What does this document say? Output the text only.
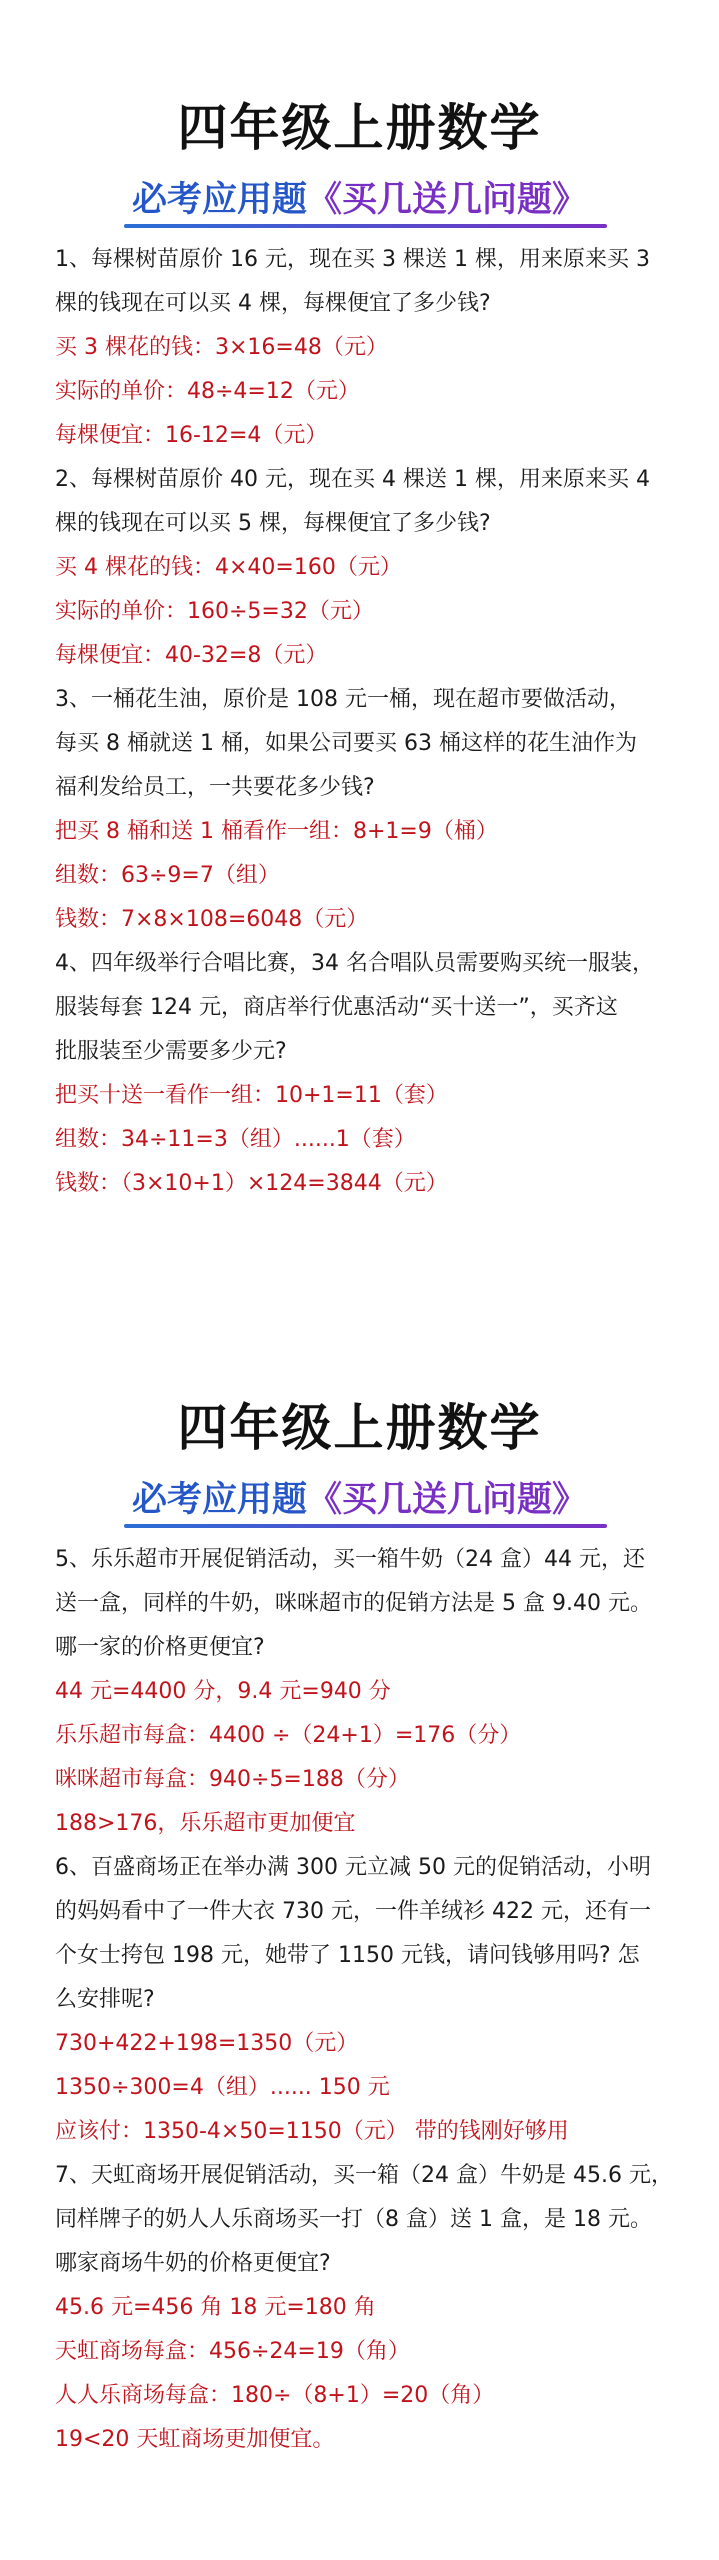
四年级上册数学
必考应用题《买几送几问题》
1、每棵树苗原价 16 元，现在买 3 棵送 1 棵，用来原来买 3
棵的钱现在可以买 4 棵，每棵便宜了多少钱?
买 3 棵花的钱：3×16=48（元）
实际的单价：48÷4=12（元）
每棵便宜：16-12=4（元）
2、每棵树苗原价 40 元，现在买 4 棵送 1 棵，用来原来买 4
棵的钱现在可以买 5 棵，每棵便宜了多少钱?
买 4 棵花的钱：4×40=160（元）
实际的单价：160÷5=32（元）
每棵便宜：40-32=8（元）
3、一桶花生油，原价是 108 元一桶，现在超市要做活动，
每买 8 桶就送 1 桶，如果公司要买 63 桶这样的花生油作为
福利发给员工，一共要花多少钱?
把买 8 桶和送 1 桶看作一组：8+1=9（桶）
组数：63÷9=7（组）
钱数：7×8×108=6048（元）
4、四年级举行合唱比赛，34 名合唱队员需要购买统一服装，
服装每套 124 元，商店举行优惠活动“买十送一”，买齐这
批服装至少需要多少元?
把买十送一看作一组：10+1=11（套）
组数：34÷11=3（组）......1（套）
钱数：（3×10+1）×124=3844（元）
四年级上册数学
必考应用题《买几送几问题》
5、乐乐超市开展促销活动，买一箱牛奶（24 盒）44 元，还
送一盒，同样的牛奶，咪咪超市的促销方法是 5 盒 9.40 元。
哪一家的价格更便宜?
44 元=4400 分，9.4 元=940 分
乐乐超市每盒：4400 ÷（24+1）=176（分）
咪咪超市每盒：940÷5=188（分）
188>176，乐乐超市更加便宜
6、百盛商场正在举办满 300 元立减 50 元的促销活动，小明
的妈妈看中了一件大衣 730 元，一件羊绒衫 422 元，还有一
个女士挎包 198 元，她带了 1150 元钱，请问钱够用吗? 怎
么安排呢?
730+422+198=1350（元）
1350÷300=4（组）...... 150 元
应该付：1350-4×50=1150（元） 带的钱刚好够用
7、天虹商场开展促销活动，买一箱（24 盒）牛奶是 45.6 元，
同样牌子的奶人人乐商场买一打（8 盒）送 1 盒，是 18 元。
哪家商场牛奶的价格更便宜?
45.6 元=456 角 18 元=180 角
天虹商场每盒：456÷24=19（角）
人人乐商场每盒：180÷（8+1）=20（角）
19<20 天虹商场更加便宜。
